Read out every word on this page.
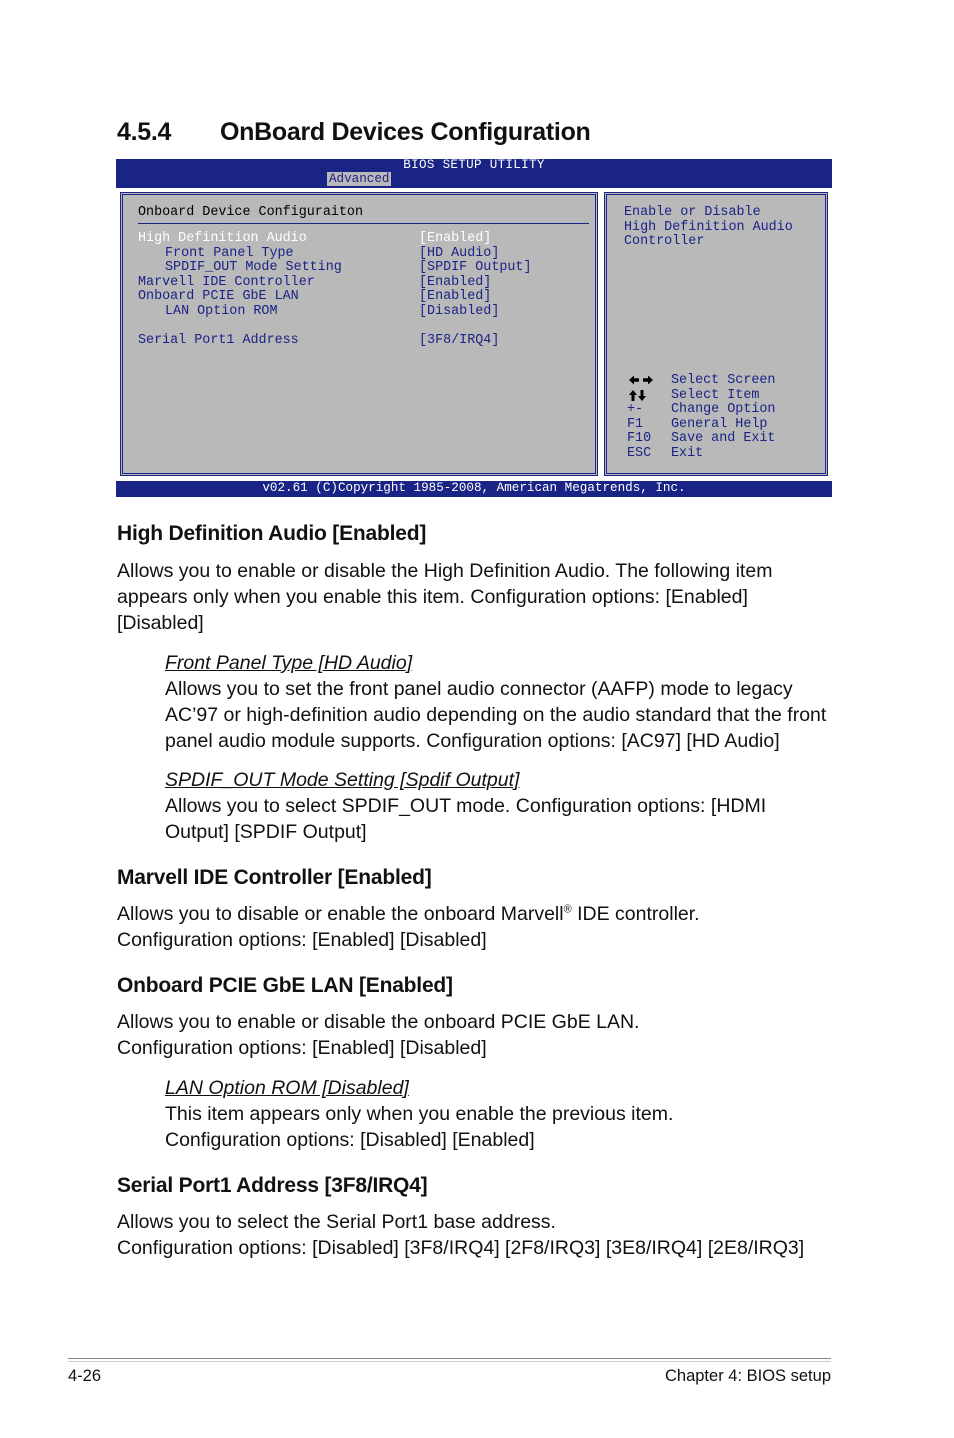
4.5.4 OnBoard Devices Configuration
BIOS SETUP UTILITY
Advanced
Onboard Device Configuraiton
High Definition Audio	[Enabled]
Front Panel Type	[HD Audio]
SPDIF_OUT Mode Setting	[SPDIF Output]
Marvell IDE Controller	[Enabled]
Onboard PCIE GbE LAN	[Enabled]
LAN Option ROM	[Disabled]
Serial Port1 Address	[3F8/IRQ4]
Enable or Disable
High Definition Audio
Controller
Select Screen
Select Item
+- Change Option
F1 General Help
F10 Save and Exit
ESC Exit
v02.61 (C)Copyright 1985-2008, American Megatrends, Inc.
High Definition Audio [Enabled]

Allows you to enable or disable the High Definition Audio. The following item appears only when you enable this item. Configuration options: [Enabled] [Disabled]

Front Panel Type [HD Audio]

Allows you to set the front panel audio connector (AAFP) mode to legacy AC’97 or high-definition audio depending on the audio standard that the front panel audio module supports. Configuration options: [AC97] [HD Audio]

SPDIF_OUT Mode Setting [Spdif Output]

Allows you to select SPDIF_OUT mode. Configuration options: [HDMI Output] [SPDIF Output]

Marvell IDE Controller [Enabled]

Allows you to disable or enable the onboard Marvell® IDE controller.
Configuration options: [Enabled] [Disabled]

Onboard PCIE GbE LAN [Enabled]

Allows you to enable or disable the onboard PCIE GbE LAN.
Configuration options: [Enabled] [Disabled]

LAN Option ROM [Disabled]

This item appears only when you enable the previous item.
Configuration options: [Disabled] [Enabled]

Serial Port1 Address [3F8/IRQ4]

Allows you to select the Serial Port1 base address.
Configuration options: [Disabled] [3F8/IRQ4] [2F8/IRQ3] [3E8/IRQ4] [2E8/IRQ3]

4-26	Chapter 4: BIOS setup
